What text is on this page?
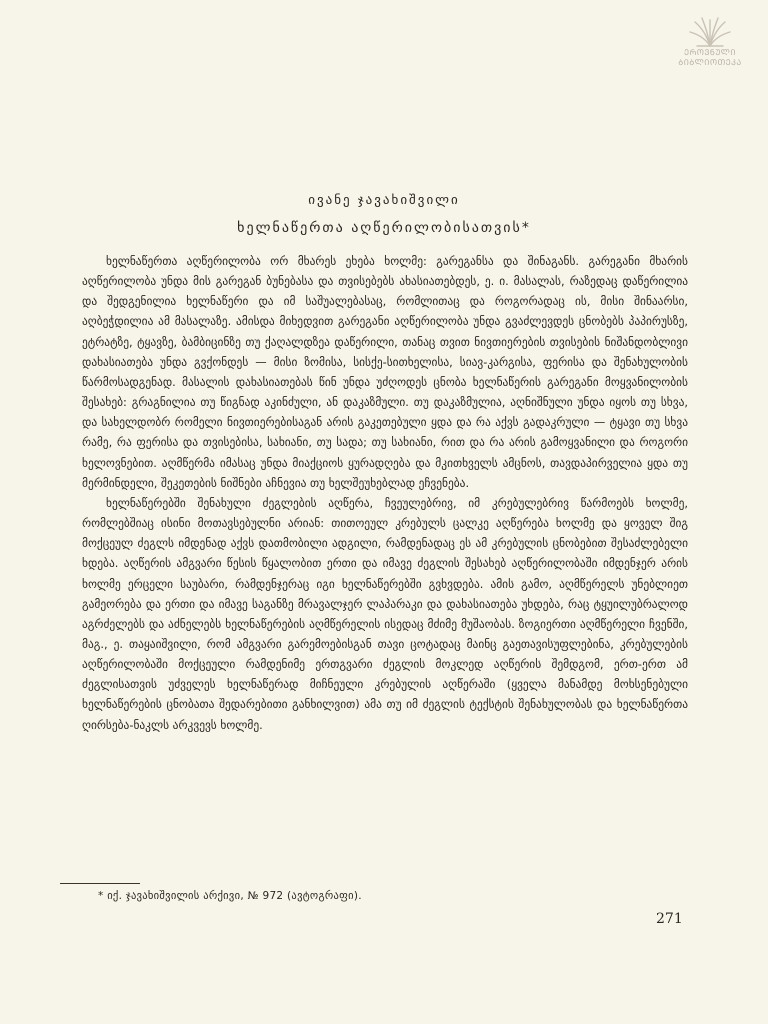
ᲔᲠᲝᲕᲜᲣᲚᲘ
ᲑᲘᲑᲚᲘᲝᲗᲔᲙᲐ
ივანე ჯავახიშვილი
ხელნაწერთა აღწერილობისათვის*

ხელნაწერთა აღწერილობა ორ მხარეს ეხება ხოლმე: გარეგანსა და შინაგანს. გარეგანი მხარის აღწერილობა უნდა მის გარეგან ბუნებასა და თვისებებს ახასიათებდეს, ე. ი. მასალას, რაზედაც დაწერილია და შედგენილია ხელნაწერი და იმ საშუალებასაც, რომლითაც და როგორადაც ის, მისი შინაარსი, აღბეჭდილია ამ მასალაზე. ამისდა მიხედვით გარეგანი აღწერილობა უნდა გვაძლევდეს ცნობებს პაპირუსზე, ეტრატზე, ტყავზე, ბამბიცინზე თუ ქაღალდზეა დაწერილი, თანაც თვით ნივთიერების თვისების ნიშანდობლივი დახასიათება უნდა გვქონდეს — მისი ზომისა, სისქე-სითხელისა, სიავ-კარგისა, ფერისა და შენახულობის წარმოსადგენად. მასალის დახასიათებას წინ უნდა უძღოდეს ცნობა ხელნაწერის გარეგანი მოყვანილობის შესახებ: გრაგნილია თუ წიგნად აკინძული, ან დაკაზმული. თუ დაკაზმულია, აღნიშნული უნდა იყოს თუ სხვა, და სახელდობრ რომელი ნივთიერებისაგან არის გაკეთებული ყდა და რა აქვს გადაკრული — ტყავი თუ სხვა რამე, რა ფერისა და თვისებისა, სახიანი, თუ სადა; თუ სახიანი, რით და რა არის გამოყვანილი და როგორი ხელოვნებით. აღმწერმა იმასაც უნდა მიაქციოს ყურადღება და მკითხველს ამცნოს, თავდაპირველია ყდა თუ მერმინდელი, შეკეთების ნიშნები აჩნევია თუ ხელშეუხებლად ეჩვენება.

ხელნაწერებში შენახული ძეგლების აღწერა, ჩვეულებრივ, იმ კრებულებრივ წარმოებს ხოლმე, რომლებშიაც ისინი მოთავსებულნი არიან: თითოეულ კრებულს ცალკე აღწერება ხოლმე და ყოველ შიგ მოქცეულ ძეგლს იმდენად აქვს დათმობილი ადგილი, რამდენადაც ეს ამ კრებულის ცნობებით შესაძლებელი ხდება. აღწერის ამგვარი წესის წყალობით ერთი და იმავე ძეგლის შესახებ აღწერილობაში იმდენჯერ არის ხოლმე ერცელი საუბარი, რამდენჯერაც იგი ხელნაწერებში გვხვდება. ამის გამო, აღმწერელს უნებლიეთ გამეორება და ერთი და იმავე საგანზე მრავალჯერ ლაპარაკი და დახასიათება უხდება, რაც ტყუილუბრალოდ აგრძელებს და აძნელებს ხელნაწერების აღმწერელის ისედაც მძიმე მუშაობას. ზოგიერთი აღმწერელი ჩვენში, მაგ., ე. თაყაიშვილი, რომ ამგვარი გარემოებისგან თავი ცოტადაც მაინც გაეთავისუფლებინა, კრებულების აღწერილობაში მოქცეული რამდენიმე ერთგვარი ძეგლის მოკლედ აღწერის შემდგომ, ერთ-ერთ ამ ძეგლისათვის უძველეს ხელნაწერად მიჩნეული კრებულის აღწერაში (ყველა მანამდე მოხსენებული ხელნაწერების ცნობათა შედარებითი განხილვით) ამა თუ იმ ძეგლის ტექსტის შენახულობას და ხელნაწერთა ღირსება-ნაკლს არკვევს ხოლმე.

* იქ. ჯავახიშვილის არქივი, № 972 (ავტოგრაფი).
271
